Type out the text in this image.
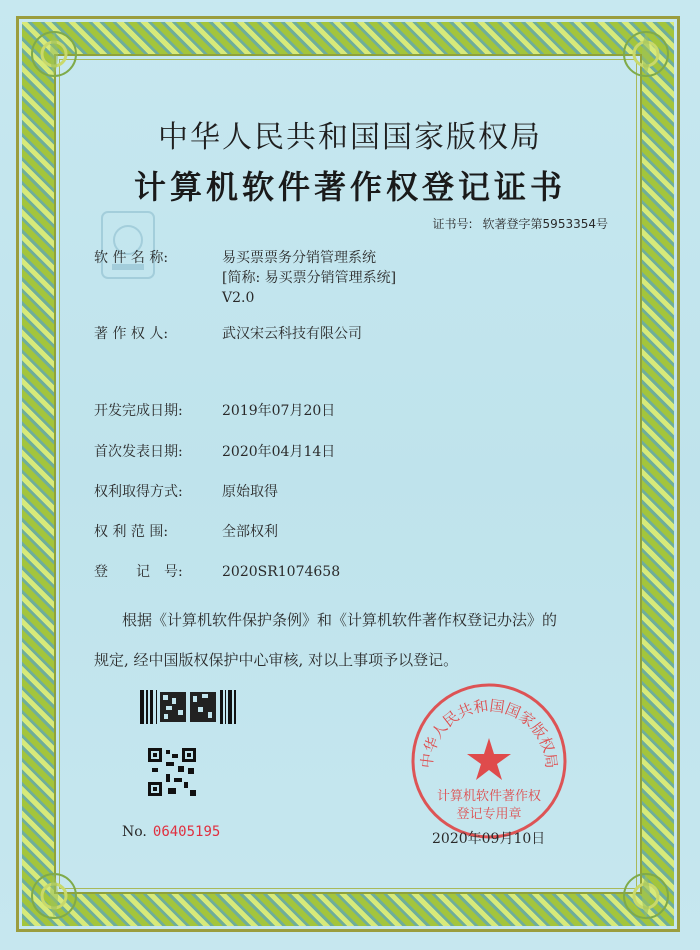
中华人民共和国国家版权局
计算机软件著作权登记证书
证书号: 软著登字第5953354号
软 件 名 称:	易买票票务分销管理系统
[简称: 易买票分销管理系统]
V2.0
著 作 权 人:	武汉宋云科技有限公司
开发完成日期:	2019年07月20日
首次发表日期:	2020年04月14日
权利取得方式:	原始取得
权 利 范 围:	全部权利
登　　记　号:	2020SR1074658
根据《计算机软件保护条例》和《计算机软件著作权登记办法》的
规定, 经中国版权保护中心审核, 对以上事项予以登记。
No. 06405195
中华人民共和国国家版权局
计算机软件著作权
登记专用章
2020年09月10日
